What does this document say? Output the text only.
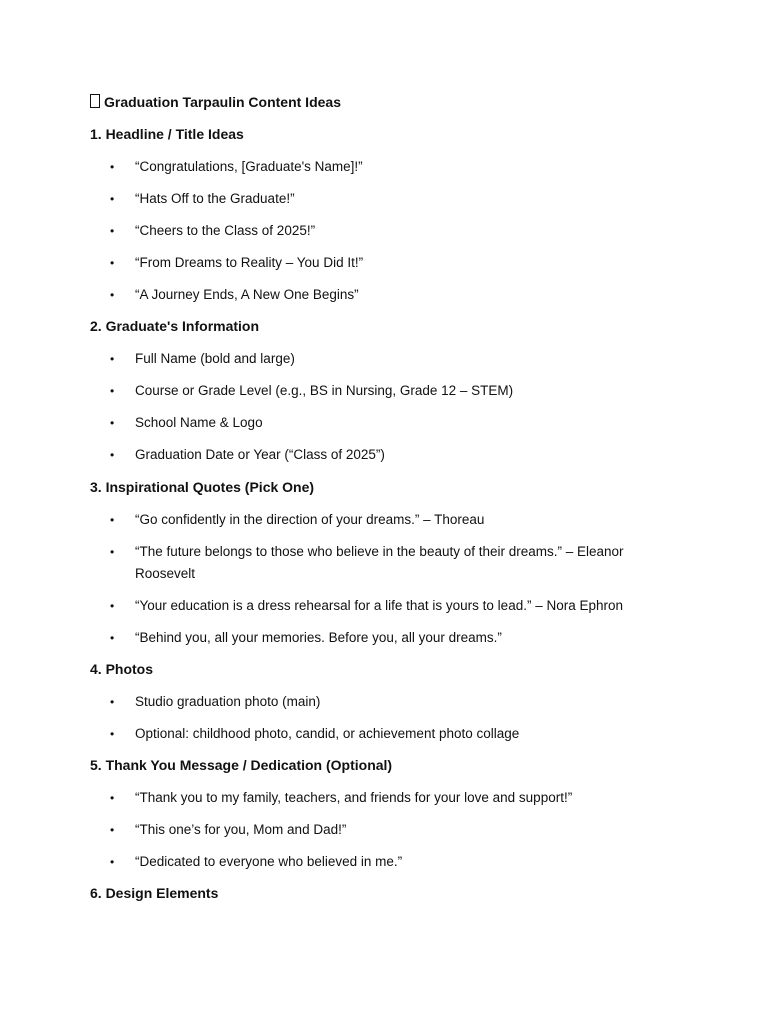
Graduation Tarpaulin Content Ideas
1. Headline / Title Ideas
• “Congratulations, [Graduate's Name]!”
• “Hats Off to the Graduate!”
• “Cheers to the Class of 2025!”
• “From Dreams to Reality – You Did It!”
• “A Journey Ends, A New One Begins”
2. Graduate's Information
• Full Name (bold and large)
• Course or Grade Level (e.g., BS in Nursing, Grade 12 – STEM)
• School Name & Logo
• Graduation Date or Year (“Class of 2025”)
3. Inspirational Quotes (Pick One)
• “Go confidently in the direction of your dreams.” – Thoreau
• “The future belongs to those who believe in the beauty of their dreams.” – Eleanor Roosevelt
• “Your education is a dress rehearsal for a life that is yours to lead.” – Nora Ephron
• “Behind you, all your memories. Before you, all your dreams.”
4. Photos
• Studio graduation photo (main)
• Optional: childhood photo, candid, or achievement photo collage
5. Thank You Message / Dedication (Optional)
• “Thank you to my family, teachers, and friends for your love and support!”
• “This one’s for you, Mom and Dad!”
• “Dedicated to everyone who believed in me.”
6. Design Elements
